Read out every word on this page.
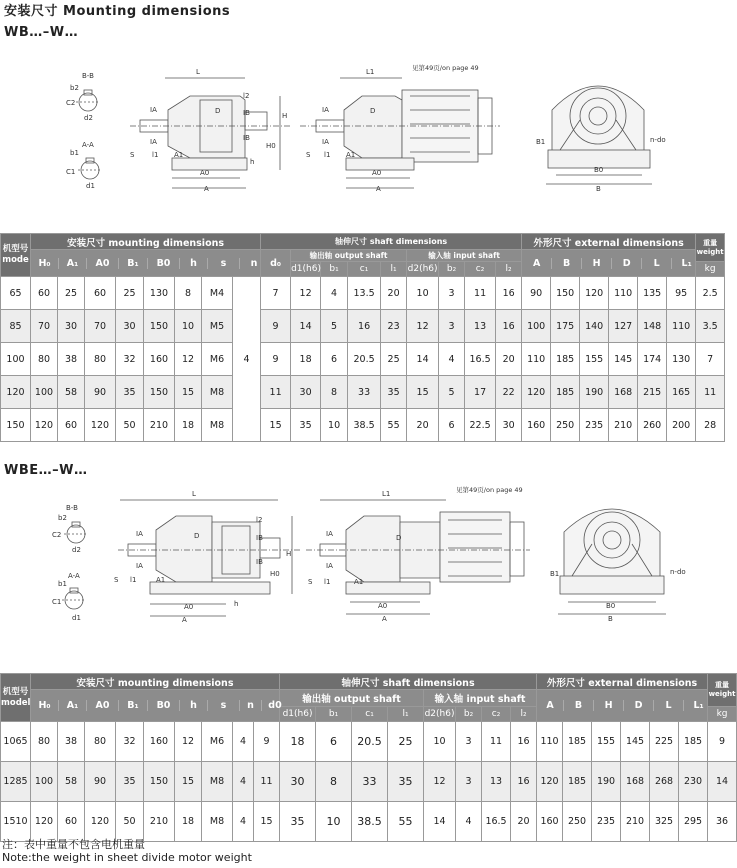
安装尺寸 Mounting dimensions
WB…–W…
B-B
b2
C2
d2
A-A
b1
C1
d1
L
IA
IA
D
l2
IB
IB
H
H0
h
S	l1 A1
A0
A
L1	见第49页/on page 49
IA
IA
D
S l1 A1
A0
A
B1	n-do
B0
B
机型号 mode	安装尺寸 mounting dimensions	轴伸尺寸 shaft dimensions	外形尺寸 external dimensions	重量 weight

H₀	A₁	A0	B₁	B0	h	s	n
	d₀	输出轴 output shaft	输入轴 input shaft	
A	B	H	D	L	L₁

d1(h6)	b₁	c₁	l₁	d2(h6)	b₂	c₂	l₂	kg
65	60	25	60	25	130	8	M4	4	7	12	4	13.5	20	10	3	11	16	90	150	120	110	135	95	2.5
85	70	30	70	30	150	10	M5	9	14	5	16	23	12	3	13	16	100	175	140	127	148	110	3.5
100	80	38	80	32	160	12	M6	9	18	6	20.5	25	14	4	16.5	20	110	185	155	145	174	130	7
120	100	58	90	35	150	15	M8	11	30	8	33	35	15	5	17	22	120	185	190	168	215	165	11
150	120	60	120	50	210	18	M8	15	35	10	38.5	55	20	6	22.5	30	160	250	235	210	260	200	28
WBE…–W…
B-B
b2
C2
d2
A-A
b1
C1
d1
L
IA
IA
D
l2
IB
IB
H
H0
h
S l1	A1
A0
A
L1	见第49页/on page 49
IA
IA
D
S l1	A1
A0
A
B1	n-do
B0
B
机型号 model	安装尺寸 mounting dimensions	轴伸尺寸 shaft dimensions	外形尺寸 external dimensions	重量 weight

H₀	A₁	A0	B₁	B0	h	s	n	d0
	输出轴 output shaft	输入轴 input shaft	
A	B	H	D	L	L₁

d1(h6)	b₁	c₁	l₁	d2(h6)	b₂	c₂	l₂	kg
1065	80	38	80	32	160	12	M6	4	9	18	6	20.5	25	10	3	11	16	110	185	155	145	225	185	9
1285	100	58	90	35	150	15	M8	4	11	30	8	33	35	12	3	13	16	120	185	190	168	268	230	14
1510	120	60	120	50	210	18	M8	4	15	35	10	38.5	55	14	4	16.5	20	160	250	235	210	325	295	36
注：表中重量不包含电机重量
Note:the weight in sheet divide motor weight
